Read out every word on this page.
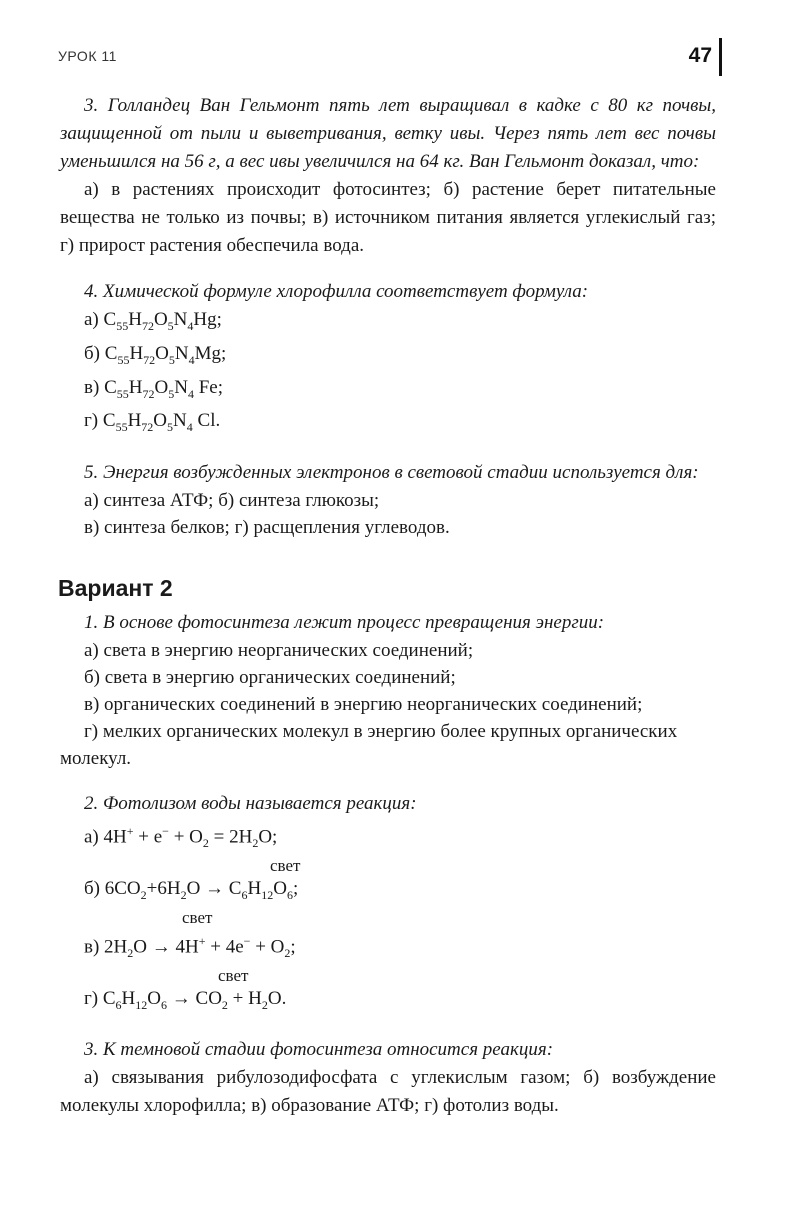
УРОК 11	47

3. Голландец Ван Гельмонт пять лет выращивал в кадке с 80 кг почвы, защищенной от пыли и выветривания, ветку ивы. Через пять лет вес почвы уменьшился на 56 г, а вес ивы увеличился на 64 кг. Ван Гельмонт доказал, что:

а) в растениях происходит фотосинтез; б) растение берет питательные вещества не только из почвы; в) источником питания является углекислый газ; г) прирост растения обеспечила вода.

4. Химической формуле хлорофилла соответствует формула:

а) $C_{55}H_{72}O_5N_4Hg$;

б) $C_{55}H_{72}O_5N_4Mg$;

в) $C_{55}H_{72}O_5N_4$ Fe;

г) $C_{55}H_{72}O_5N_4$ Cl.

5. Энергия возбужденных электронов в световой стадии используется для:

а) синтеза АТФ; б) синтеза глюкозы;

в) синтеза белков; г) расщепления углеводов.

Вариант 2

1. В основе фотосинтеза лежит процесс превращения энергии:

а) света в энергию неорганических соединений;

б) света в энергию органических соединений;

в) органических соединений в энергию неорганических соединений;

г) мелких органических молекул в энергию более крупных органических молекул.

2. Фотолизом воды называется реакция:

а) $4H^+ + e^- + O_2 = 2H_2O$;

свет

б) $6CO_2+6H_2O \to C_6H_{12}O_6$;

свет

в) $2H_2O \to 4H^+ + 4e^- + O_2$;

свет

г) $C_6H_{12}O_6 \to CO_2 + H_2O$.

3. К темновой стадии фотосинтеза относится реакция:

а) связывания рибулозодифосфата с углекислым газом; б) возбуждение молекулы хлорофилла; в) образование АТФ; г) фотолиз воды.
